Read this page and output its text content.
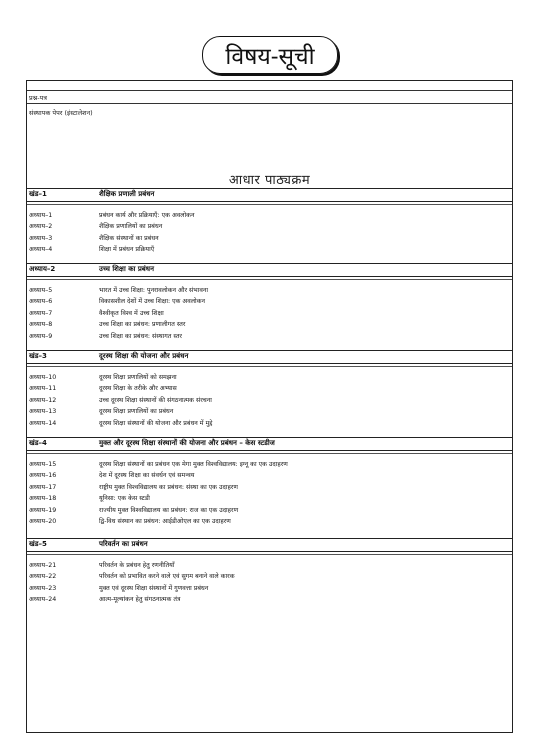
विषय-सूची
प्रश्न-पत्र
संस्थापक पेपर (इंस्टालेशन)
आधार पाठ्यक्रम
खंड–1	शैक्षिक प्रणाली प्रबंधन
अध्याय–1	प्रबंधन कार्य और प्रक्रियाएँ: एक अवलोकन
अध्याय–2	शैक्षिक प्रणालियों का प्रबंधन
अध्याय–3	शैक्षिक संस्थानों का प्रबंधन
अध्याय–4	शिक्षा में प्रबंधन प्रक्रियाएँ
अध्याय–2	उच्च शिक्षा का प्रबंधन
अध्याय–5	भारत में उच्च शिक्षा: पुनरावलोकन और संभावना
अध्याय–6	विकासशील देशों में उच्च शिक्षा: एक अवलोकन
अध्याय–7	वैश्वीकृत विश्व में उच्च शिक्षा
अध्याय–8	उच्च शिक्षा का प्रबंधन: प्रणालीगत स्तर
अध्याय–9	उच्च शिक्षा का प्रबंधन: संस्थागत स्तर
खंड–3	दूरस्थ शिक्षा की योजना और प्रबंधन
अध्याय–10	दूरस्थ शिक्षा प्रणालियों को समझना
अध्याय–11	दूरस्थ शिक्षा के तरीके और अभ्यास
अध्याय–12	उच्च दूरस्थ शिक्षा संस्थानों की संगठनात्मक संरचना
अध्याय–13	दूरस्थ शिक्षा प्रणालियों का प्रबंधन
अध्याय–14	दूरस्थ शिक्षा संस्थानों की योजना और प्रबंधन में मुद्दे
खंड–4	मुक्त और दूरस्थ शिक्षा संस्थानों की योजना और प्रबंधन – केस स्टडीज
अध्याय–15	दूरस्थ शिक्षा संस्थानों का प्रबंधन एक मेगा मुक्त विश्वविद्यालय: इग्नू का एक उदाहरण
अध्याय–16	देश में दूरस्थ शिक्षा का संवर्धन एवं समन्वय
अध्याय–17	राष्ट्रीय मुक्त विश्वविद्यालय का प्रबंधन: संस्था का एक उदाहरण
अध्याय–18	यूनिसा: एक केस स्टडी
अध्याय–19	राज्यीय मुक्त विश्वविद्यालय का प्रबंधन: राज का एक उदाहरण
अध्याय–20	द्वि-विध संस्थान का प्रबंधन: आईडीओएल का एक उदाहरण
खंड–5	परिवर्तन का प्रबंधन
अध्याय–21	परिवर्तन के प्रबंधन हेतु रणनीतियाँ
अध्याय–22	परिवर्तन को प्रभावित करने वाले एवं सुगम बनाने वाले कारक
अध्याय–23	मुक्त एवं दूरस्थ शिक्षा संस्थानों में गुणवत्ता प्रबंधन
अध्याय–24	आत्म-मूल्यांकन हेतु संगठनात्मक तंत्र
